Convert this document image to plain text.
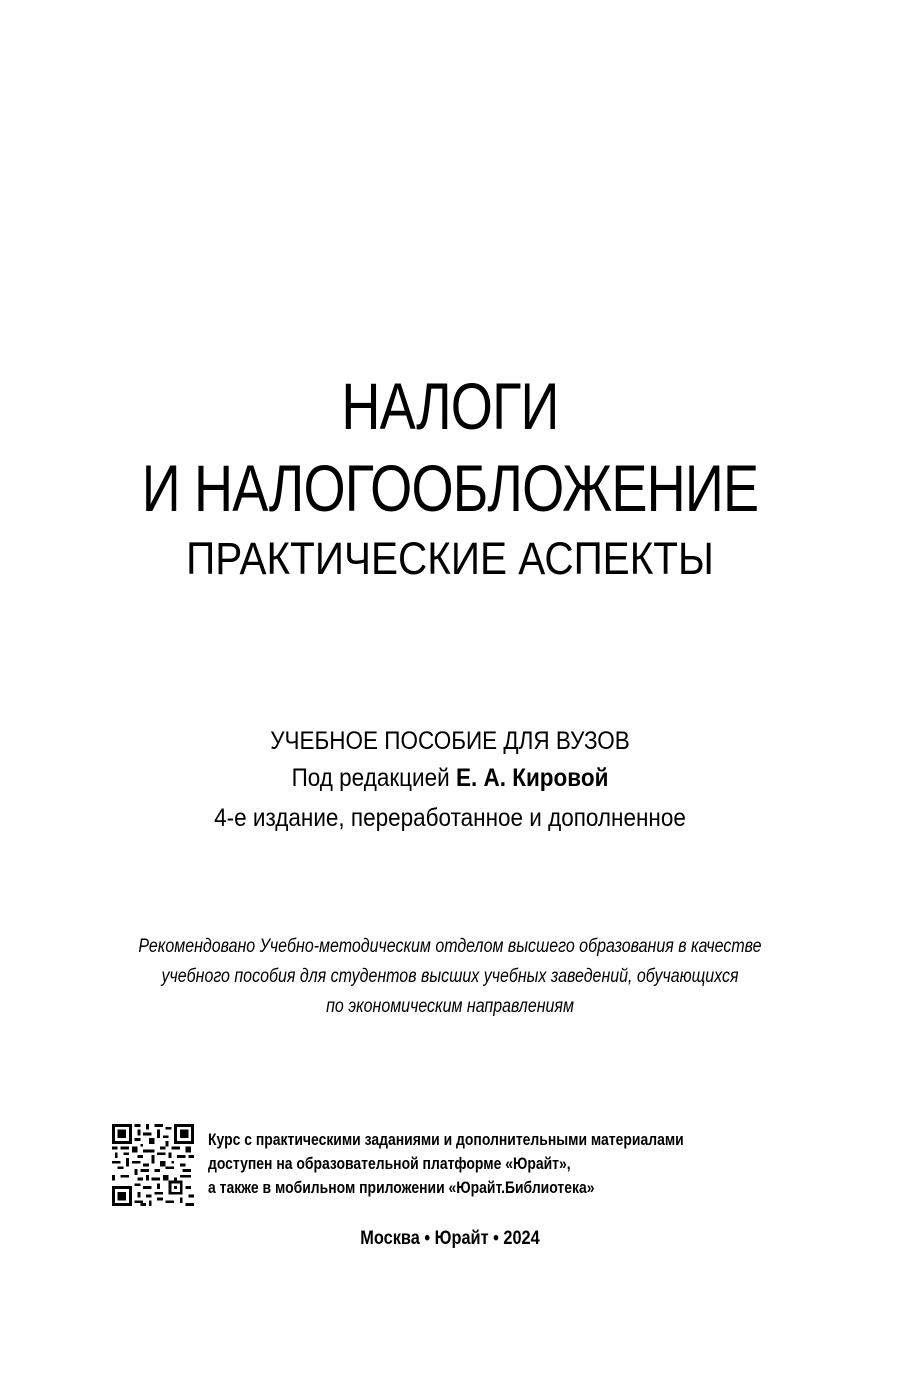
НАЛОГИ
И НАЛОГООБЛОЖЕНИЕ
ПРАКТИЧЕСКИЕ АСПЕКТЫ
УЧЕБНОЕ ПОСОБИЕ ДЛЯ ВУЗОВ
Под редакцией Е. А. Кировой
4-е издание, переработанное и дополненное
Рекомендовано Учебно-методическим отделом высшего образования в качестве
учебного пособия для студентов высших учебных заведений, обучающихся
по экономическим направлениям
Курс с практическими заданиями и дополнительными материалами
доступен на образовательной платформе «Юрайт»,
а также в мобильном приложении «Юрайт.Библиотека»
Москва • Юрайт • 2024
